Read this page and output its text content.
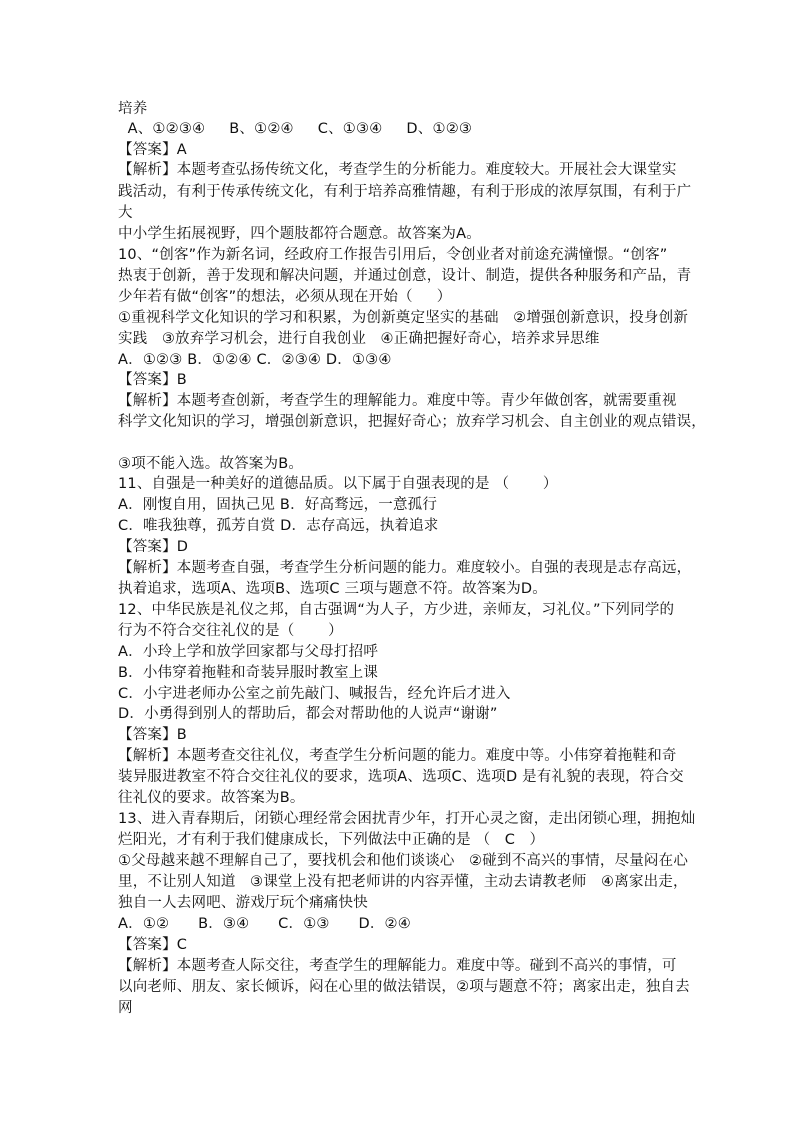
培养
A、①②③④     B、①②④     C、①③④     D、①②③
【答案】A
【解析】本题考查弘扬传统文化，考查学生的分析能力。难度较大。开展社会大课堂实
践活动，有利于传承传统文化，有利于培养高雅情趣，有利于形成的浓厚氛围，有利于广
大
中小学生拓展视野，四个题肢都符合题意。故答案为A。
10、“创客”作为新名词，经政府工作报告引用后，令创业者对前途充满憧憬。“创客”
热衷于创新，善于发现和解决问题，并通过创意，设计、制造，提供各种服务和产品，青
少年若有做“创客”的想法，必须从现在开始（     ）
①重视科学文化知识的学习和积累，为创新奠定坚实的基础   ②增强创新意识，投身创新
实践   ③放弃学习机会，进行自我创业   ④正确把握好奇心，培养求异思维
A．①②③ B．①②④ C．②③④ D．①③④
【答案】B
【解析】本题考查创新，考查学生的理解能力。难度中等。青少年做创客，就需要重视
科学文化知识的学习，增强创新意识，把握好奇心；放弃学习机会、自主创业的观点错误，
③项不能入选。故答案为B。
11、自强是一种美好的道德品质。以下属于自强表现的是 （       ）
A．刚愎自用，固执己见 B．好高骛远，一意孤行
C．唯我独尊，孤芳自赏 D．志存高远，执着追求
【答案】D
【解析】本题考查自强，考查学生分析问题的能力。难度较小。自强的表现是志存高远，
执着追求，选项A、选项B、选项C 三项与题意不符。故答案为D。
12、中华民族是礼仪之邦，自古强调“为人子，方少进，亲师友，习礼仪。”下列同学的
行为不符合交往礼仪的是（       ）
A．小玲上学和放学回家都与父母打招呼
B．小伟穿着拖鞋和奇装异服时教室上课
C．小宇进老师办公室之前先敲门、喊报告，经允许后才进入
D．小勇得到别人的帮助后，都会对帮助他的人说声“谢谢”
【答案】B
【解析】本题考查交往礼仪，考查学生分析问题的能力。难度中等。小伟穿着拖鞋和奇
装异服进教室不符合交往礼仪的要求，选项A、选项C、选项D 是有礼貌的表现，符合交
往礼仪的要求。故答案为B。
13、进入青春期后，闭锁心理经常会困扰青少年，打开心灵之窗，走出闭锁心理，拥抱灿
烂阳光，才有利于我们健康成长，下列做法中正确的是 （   C   ）
①父母越来越不理解自己了，要找机会和他们谈谈心   ②碰到不高兴的事情，尽量闷在心
里，不让别人知道   ③课堂上没有把老师讲的内容弄懂，主动去请教老师   ④离家出走，
独自一人去网吧、游戏厅玩个痛痛快快
A．①②      B．③④      C．①③      D．②④
【答案】C
【解析】本题考查人际交往，考查学生的理解能力。难度中等。碰到不高兴的事情，可
以向老师、朋友、家长倾诉，闷在心里的做法错误，②项与题意不符；离家出走，独自去
网
